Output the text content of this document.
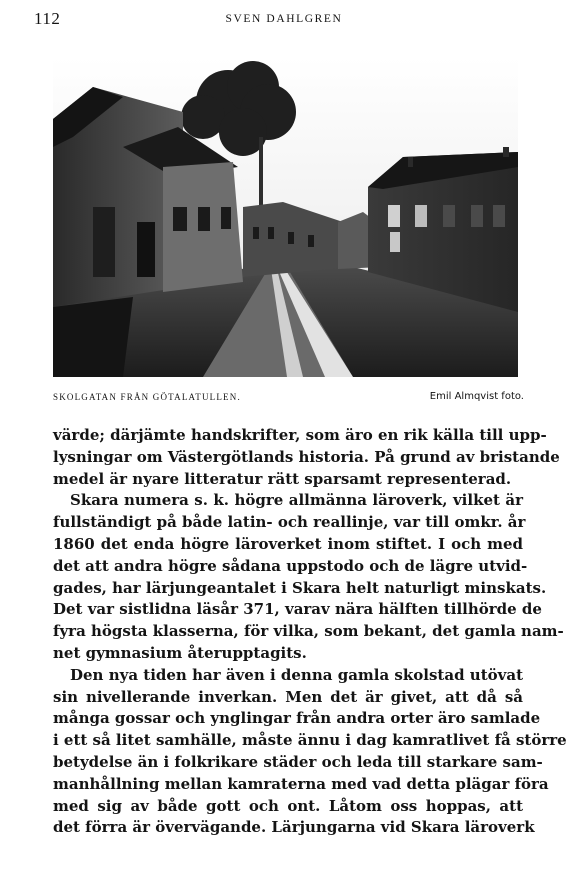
112	SVEN DAHLGREN
SKOLGATAN FRÅN GÖTALATULLEN.	Emil Almqvist foto.
värde; därjämte handskrifter, som äro en rik källa till upp-
lysningar om Västergötlands historia. På grund av bristande
medel är nyare litteratur rätt sparsamt representerad.
Skara numera s. k. högre allmänna läroverk, vilket är
fullständigt på både latin- och reallinje, var till omkr. år
1860 det enda högre läroverket inom stiftet. I och med
det att andra högre sådana uppstodo och de lägre utvid-
gades, har lärjungeantalet i Skara helt naturligt minskats.
Det var sistlidna läsår 371, varav nära hälften tillhörde de
fyra högsta klasserna, för vilka, som bekant, det gamla nam-
net gymnasium återupptagits.
Den nya tiden har även i denna gamla skolstad utövat
sin nivellerande inverkan. Men det är givet, att då så
många gossar och ynglingar från andra orter äro samlade
i ett så litet samhälle, måste ännu i dag kamratlivet få större
betydelse än i folkrikare städer och leda till starkare sam-
manhållning mellan kamraterna med vad detta plägar föra
med sig av både gott och ont. Låtom oss hoppas, att
det förra är övervägande. Lärjungarna vid Skara läroverk
